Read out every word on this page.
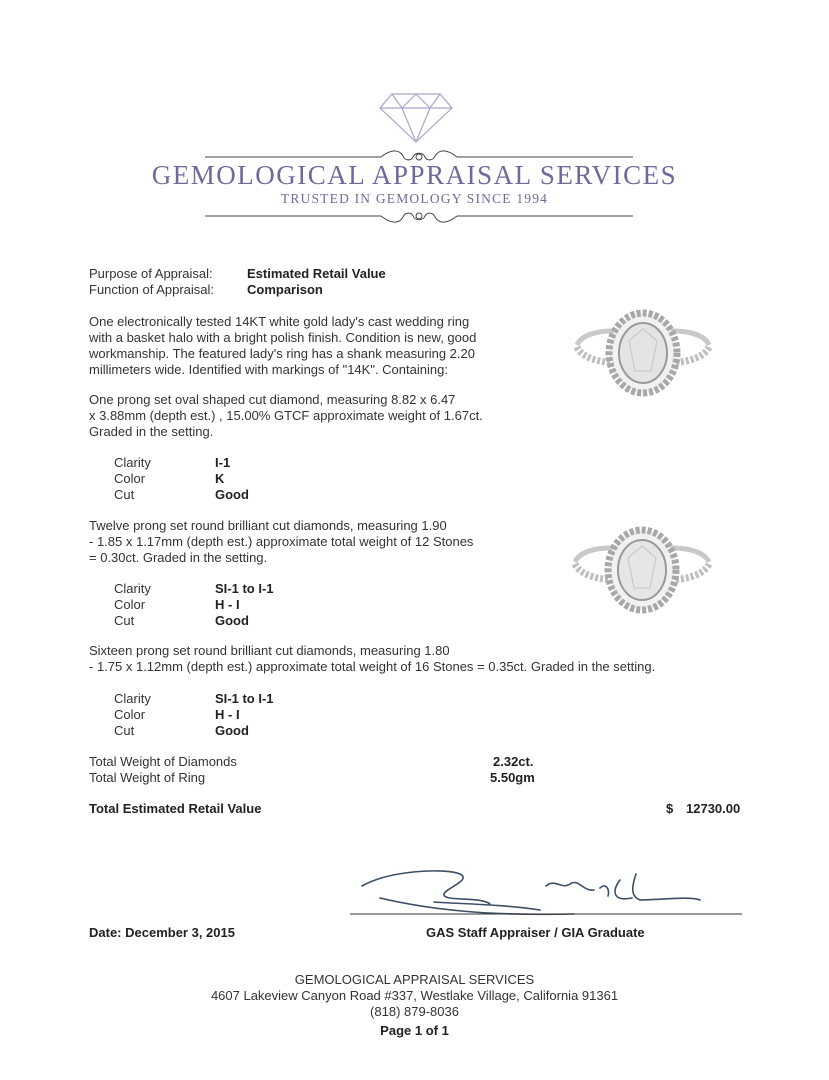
GEMOLOGICAL APPRAISAL SERVICES
TRUSTED IN GEMOLOGY SINCE 1994
Purpose of Appraisal:	Estimated Retail Value
Function of Appraisal:	Comparison
One electronically tested 14KT white gold lady's cast wedding ring
with a basket halo with a bright polish finish. Condition is new, good
workmanship. The featured lady's ring has a shank measuring 2.20
millimeters wide. Identified with markings of "14K". Containing:
One prong set oval shaped cut diamond, measuring 8.82 x 6.47
x 3.88mm (depth est.) , 15.00% GTCF approximate weight of 1.67ct.
Graded in the setting.
Clarity	I-1
Color	K
Cut	Good
Twelve prong set round brilliant cut diamonds, measuring 1.90
- 1.85 x 1.17mm (depth est.) approximate total weight of 12 Stones
= 0.30ct. Graded in the setting.
Clarity	SI-1 to I-1
Color	H - I
Cut	Good
Sixteen prong set round brilliant cut diamonds, measuring 1.80
- 1.75 x 1.12mm (depth est.) approximate total weight of 16 Stones = 0.35ct. Graded in the setting.
Clarity	SI-1 to I-1
Color	H - I
Cut	Good
Total Weight of Diamonds	2.32ct.
Total Weight of Ring	5.50gm
Total Estimated Retail Value	$ 12730.00
Date: December 3, 2015	GAS Staff Appraiser / GIA Graduate
GEMOLOGICAL APPRAISAL SERVICES
4607 Lakeview Canyon Road #337, Westlake Village, California 91361
(818) 879-8036
Page 1 of 1
